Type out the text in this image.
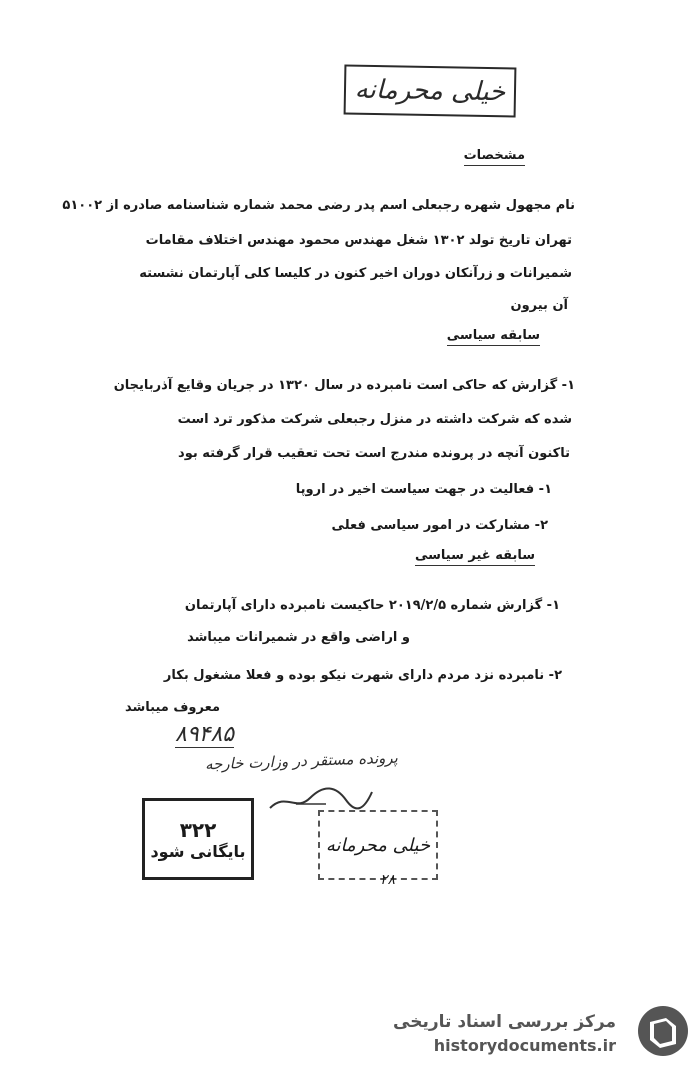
خیلی محرمانه
مشخصات
نام مجهول شهره رجبعلی اسم پدر رضی محمد شماره شناسنامه صادره از ۵۱۰۰۲
تهران تاریخ تولد ۱۳۰۲ شغل مهندس محمود مهندس اختلاف مقامات
شمیرانات و زرآنکان دوران اخیر کنون در کلیسا کلی آپارتمان نشسته
آن بیرون
سابقه سیاسی
۱- گزارش که حاکی است نامبرده در سال ۱۳۲۰ در جریان وقایع آذربایجان
شده که شرکت داشته در منزل رجبعلی شرکت مذکور ترد است
تاکنون آنچه در پرونده مندرج است تحت تعقیب قرار گرفته بود
۱- فعالیت در جهت سیاست اخیر در اروپا
۲- مشارکت در امور سیاسی فعلی
سابقه غیر سیاسی
۱- گزارش شماره ۲۰۱۹/۲/۵ حاکیست نامبرده دارای آپارتمان
و اراضی واقع در شمیرانات میباشد
۲- نامبرده نزد مردم دارای شهرت نیکو بوده و فعلا مشغول بکار
معروف میباشد
۸۹۴۸۵
پرونده مستقر در وزارت خارجه
۳۲۲
بایگانی شود	خیلی محرمانه
۲۸
مرکز بررسی اسناد تاریخی
historydocuments.ir
